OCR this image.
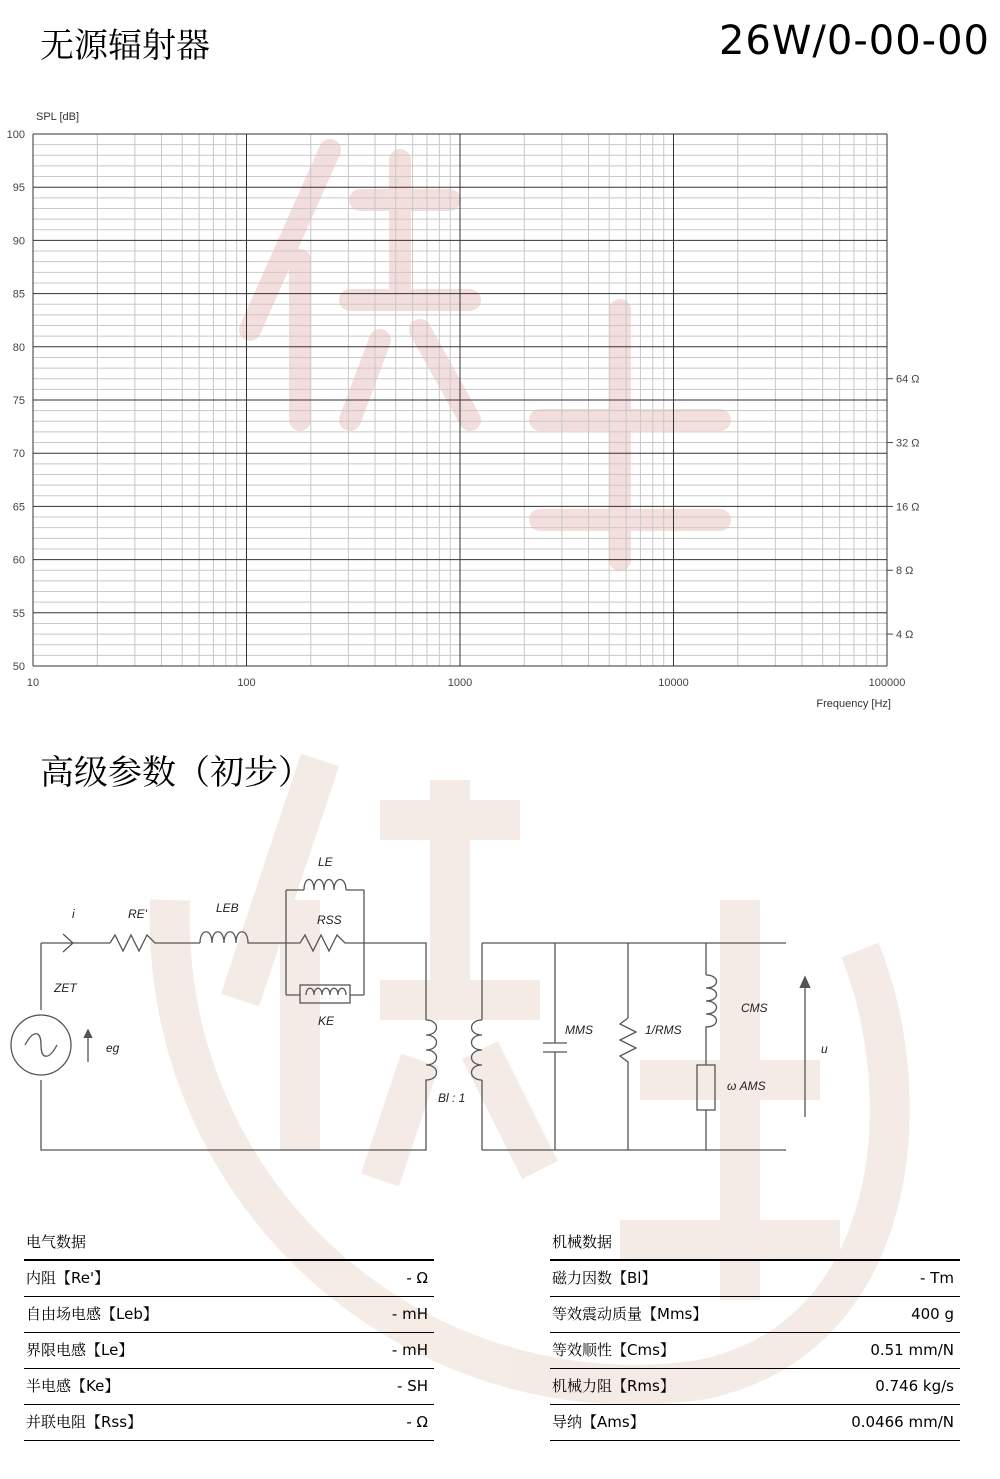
无源辐射器	26W/0-00-00
SPL [dB]
50
55
60
65
70
75
80
85
90
95
100
10	100	1000	10000	100000
64 Ω
32 Ω
16 Ω
8 Ω
4 Ω
Frequency [Hz]
高级参数（初步）
i	RE'	LEB
LE
RSS
KE
ZET
eg
Bl : 1
MMS	1/RMS
CMS
ω AMS
u
电气数据
内阻【Re'】	- Ω
自由场电感【Leb】	- mH
界限电感【Le】	- mH
半电感【Ke】	- SH
并联电阻【Rss】	- Ω
机械数据
磁力因数【Bl】	- Tm
等效震动质量【Mms】	400 g
等效顺性【Cms】	0.51 mm/N
机械力阻【Rms】	0.746 kg/s
导纳【Ams】	0.0466 mm/N
